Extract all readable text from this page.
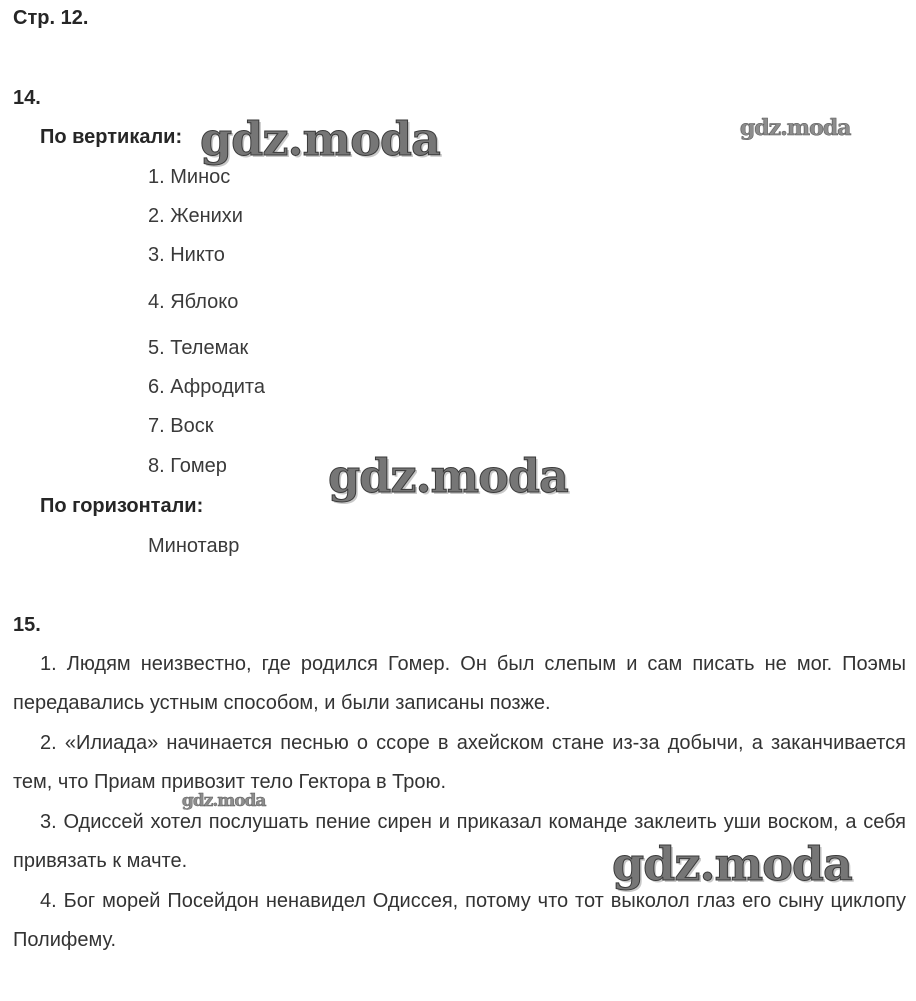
Стр. 12.
14.
По вертикали:
1. Минос
2. Женихи
3. Никто
4. Яблоко
5. Телемак
6. Афродита
7. Воск
8. Гомер
По горизонтали:
Минотавр
15.
1. Людям неизвестно, где родился Гомер. Он был слепым и сам писать не мог. Поэмы передавались устным способом, и были записаны позже.
2. «Илиада» начинается песнью о ссоре в ахейском стане из-за добычи, а заканчивается тем, что Приам привозит тело Гектора в Трою.
3. Одиссей хотел послушать пение сирен и приказал команде заклеить уши воском, а себя привязать к мачте.
4. Бог морей Посейдон ненавидел Одиссея, потому что тот выколол глаз его сыну циклопу Полифему.
gdz.moda	gdz.moda
gdz.moda
gdz.moda
gdz.moda
